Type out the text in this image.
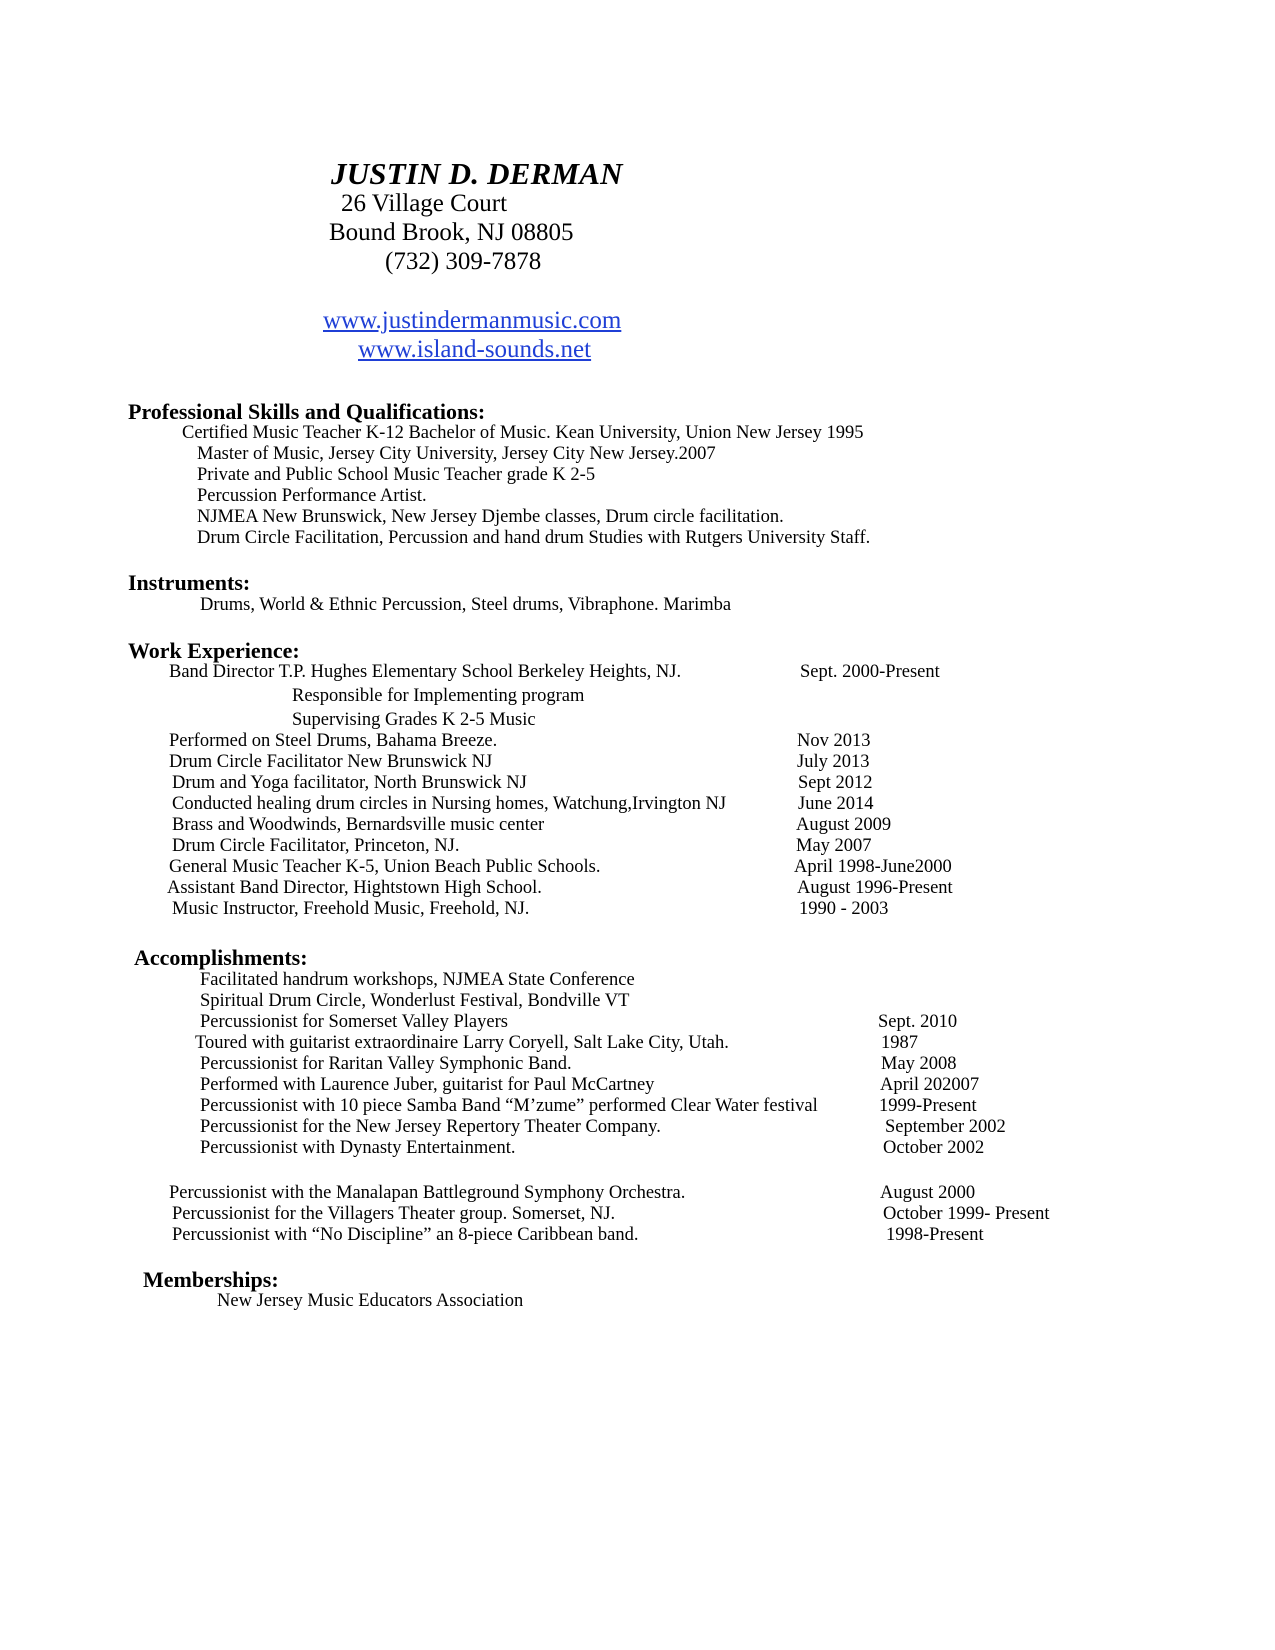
JUSTIN D. DERMAN
26 Village Court
Bound Brook, NJ 08805
(732) 309-7878
www.justindermanmusic.com
www.island-sounds.net
Professional Skills and Qualifications:
Certified Music Teacher K-12 Bachelor of Music. Kean University, Union New Jersey 1995
Master of Music, Jersey City University, Jersey City New Jersey.2007
Private and Public School Music Teacher grade K 2-5
Percussion Performance Artist.
NJMEA New Brunswick, New Jersey Djembe classes, Drum circle facilitation.
Drum Circle Facilitation, Percussion and hand drum Studies with Rutgers University Staff.
Instruments:
Drums, World & Ethnic Percussion, Steel drums, Vibraphone. Marimba
Work Experience:
Band Director T.P. Hughes Elementary School Berkeley Heights, NJ.	Sept. 2000-Present
Responsible for Implementing program
Supervising Grades K 2-5 Music
Performed on Steel Drums, Bahama Breeze.	Nov 2013
Drum Circle Facilitator New Brunswick NJ	July 2013
Drum and Yoga facilitator, North Brunswick NJ	Sept 2012
Conducted healing drum circles in Nursing homes, Watchung,Irvington NJ	June 2014
Brass and Woodwinds, Bernardsville music center	August 2009
Drum Circle Facilitator, Princeton, NJ.	May 2007
General Music Teacher K-5, Union Beach Public Schools.	April 1998-June2000
Assistant Band Director, Hightstown High School.	August 1996-Present
Music Instructor, Freehold Music, Freehold, NJ.	1990 - 2003
Accomplishments:
Facilitated handrum workshops, NJMEA State Conference
Spiritual Drum Circle, Wonderlust Festival, Bondville VT
Percussionist for Somerset Valley Players	Sept. 2010
Toured with guitarist extraordinaire Larry Coryell, Salt Lake City, Utah.	1987
Percussionist for Raritan Valley Symphonic Band.	May 2008
Performed with Laurence Juber, guitarist for Paul McCartney	April 202007
Percussionist with 10 piece Samba Band “M’zume” performed Clear Water festival	1999-Present
Percussionist for the New Jersey Repertory Theater Company.	September 2002
Percussionist with Dynasty Entertainment.	October 2002
Percussionist with the Manalapan Battleground Symphony Orchestra.	August 2000
Percussionist for the Villagers Theater group. Somerset, NJ.	October 1999- Present
Percussionist with “No Discipline” an 8-piece Caribbean band.	1998-Present
Memberships:
New Jersey Music Educators Association
